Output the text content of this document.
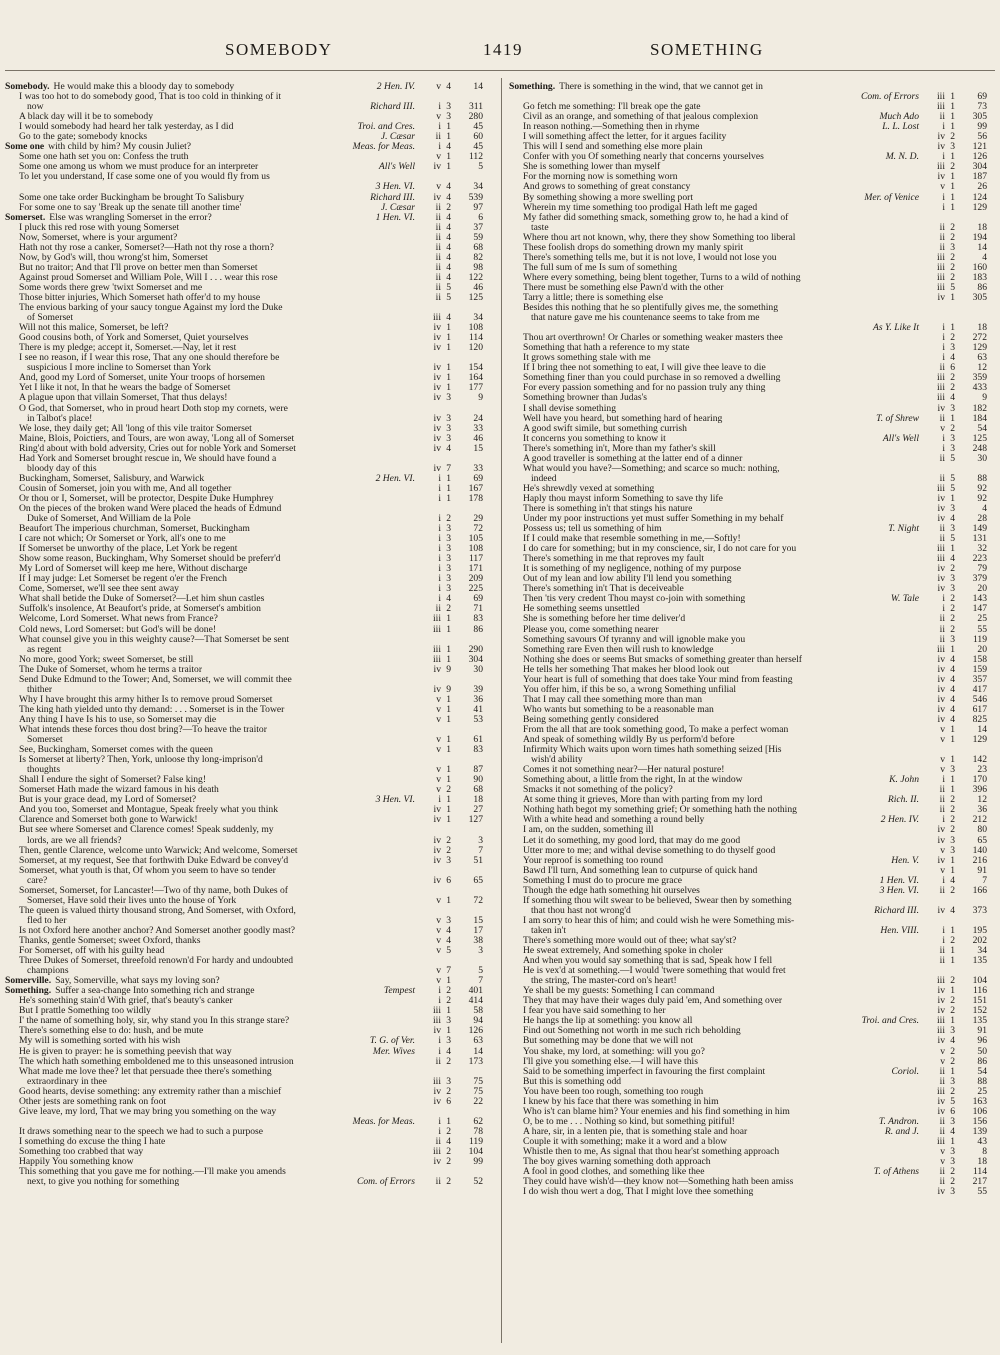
SOMEBODY	1419	SOMETHING
Somebody. He would make this a bloody day to somebody	2 Hen. IV. v 4 14
I was too hot to do somebody good, That is too cold in thinking of it
now	Richard III. i 3 311
A black day will it be to somebody	v 3 280
I would somebody had heard her talk yesterday, as I did	Troi. and Cres. i 1 45
Go to the gate; somebody knocks	J. Cæsar ii 1 60
Some one with child by him? My cousin Juliet?	Meas. for Meas. i 4 45
Some one hath set you on: Confess the truth	v 1 112
Some one among us whom we must produce for an interpreter	All's Well iv 1	5
To let you understand, If case some one of you would fly from us
3 Hen. VI. v 4 34
Some one take order Buckingham be brought To Salisbury	Richard III. iv 4 539
For some one to say 'Break up the senate till another time'	J. Cæsar ii 2 97
Somerset. Else was wrangling Somerset in the error?	1 Hen. VI. ii 4	6
I pluck this red rose with young Somerset	ii 4 37
Now, Somerset, where is your argument?	ii 4 59
Hath not thy rose a canker, Somerset?—Hath not thy rose a thorn?	ii 4 68
Now, by God's will, thou wrong'st him, Somerset	ii 4 82
But no traitor; And that I'll prove on better men than Somerset	ii 4 98
Against proud Somerset and William Pole, Will I . . . wear this rose	ii 4 122
Some words there grew 'twixt Somerset and me	ii 5 46
Those bitter injuries, Which Somerset hath offer'd to my house	ii 5 125
The envious barking of your saucy tongue Against my lord the Duke
of Somerset	iii 4 34
Will not this malice, Somerset, be left?	iv 1 108
Good cousins both, of York and Somerset, Quiet yourselves	iv 1 114
There is my pledge; accept it, Somerset.—Nay, let it rest	iv 1 120
I see no reason, if I wear this rose, That any one should therefore be
suspicious I more incline to Somerset than York	iv 1 154
And, good my Lord of Somerset, unite Your troops of horsemen	iv 1 164
Yet I like it not, In that he wears the badge of Somerset	iv 1 177
A plague upon that villain Somerset, That thus delays!	iv 3	9
O God, that Somerset, who in proud heart Doth stop my cornets, were
in Talbot's place!	iv 3 24
We lose, they daily get; All 'long of this vile traitor Somerset	iv 3 33
Maine, Blois, Poictiers, and Tours, are won away, 'Long all of Somerset	iv 3 46
Ring'd about with bold adversity, Cries out for noble York and Somerset	iv 4 15
Had York and Somerset brought rescue in, We should have found a
bloody day of this	iv 7 33
Buckingham, Somerset, Salisbury, and Warwick	2 Hen. VI. i 1 69
Cousin of Somerset, join you with me, And all together	i 1 167
Or thou or I, Somerset, will be protector, Despite Duke Humphrey	i 1 178
On the pieces of the broken wand Were placed the heads of Edmund
Duke of Somerset, And William de la Pole	i 2 29
Beaufort The imperious churchman, Somerset, Buckingham	i 3 72
I care not which; Or Somerset or York, all's one to me	i 3 105
If Somerset be unworthy of the place, Let York be regent	i 3 108
Show some reason, Buckingham, Why Somerset should be preferr'd	i 3 117
My Lord of Somerset will keep me here, Without discharge	i 3 171
If I may judge: Let Somerset be regent o'er the French	i 3 209
Come, Somerset, we'll see thee sent away	i 3 225
What shall betide the Duke of Somerset?—Let him shun castles	i 4 69
Suffolk's insolence, At Beaufort's pride, at Somerset's ambition	ii 2 71
Welcome, Lord Somerset. What news from France?	iii 1 83
Cold news, Lord Somerset: but God's will be done!	iii 1 86
What counsel give you in this weighty cause?—That Somerset be sent
as regent	iii 1 290
No more, good York; sweet Somerset, be still	iii 1 304
The Duke of Somerset, whom he terms a traitor	iv 9 30
Send Duke Edmund to the Tower; And, Somerset, we will commit thee
thither	iv 9 39
Why I have brought this army hither Is to remove proud Somerset	v 1 36
The king hath yielded unto thy demand: . . . Somerset is in the Tower	v 1 41
Any thing I have Is his to use, so Somerset may die	v 1 53
What intends these forces thou dost bring?—To heave the traitor
Somerset	v 1 61
See, Buckingham, Somerset comes with the queen	v 1 83
Is Somerset at liberty? Then, York, unloose thy long-imprison'd
thoughts	v 1 87
Shall I endure the sight of Somerset? False king!	v 1 90
Somerset Hath made the wizard famous in his death	v 2 68
But is your grace dead, my Lord of Somerset?	3 Hen. VI. i 1 18
And you too, Somerset and Montague, Speak freely what you think	iv 1 27
Clarence and Somerset both gone to Warwick!	iv 1 127
But see where Somerset and Clarence comes! Speak suddenly, my
lords, are we all friends?	iv 2	3
Then, gentle Clarence, welcome unto Warwick; And welcome, Somerset	iv 2	7
Somerset, at my request, See that forthwith Duke Edward be convey'd	iv 3 51
Somerset, what youth is that, Of whom you seem to have so tender
care?	iv 6 65
Somerset, Somerset, for Lancaster!—Two of thy name, both Dukes of
Somerset, Have sold their lives unto the house of York	v 1 72
The queen is valued thirty thousand strong, And Somerset, with Oxford,
fled to her	v 3 15
Is not Oxford here another anchor? And Somerset another goodly mast?	v 4 17
Thanks, gentle Somerset; sweet Oxford, thanks	v 4 38
For Somerset, off with his guilty head	v 5	3
Three Dukes of Somerset, threefold renown'd For hardy and undoubted
champions	v 7	5
Somerville. Say, Somerville, what says my loving son?	v 1	7
Something. Suffer a sea-change Into something rich and strange	Tempest i 2 401
He's something stain'd With grief, that's beauty's canker	i 2 414
But I prattle Something too wildly	iii 1 58
I' the name of something holy, sir, why stand you In this strange stare?	iii 3 94
There's something else to do: hush, and be mute	iv 1 126
My will is something sorted with his wish	T. G. of Ver. i 3 63
He is given to prayer: he is something peevish that way	Mer. Wives i 4 14
The which hath something emboldened me to this unseasoned intrusion	ii 2 173
What made me love thee? let that persuade thee there's something
extraordinary in thee	iii 3 75
Good hearts, devise something: any extremity rather than a mischief	iv 2 75
Other jests are something rank on foot	iv 6 22
Give leave, my lord, That we may bring you something on the way
Meas. for Meas. i 1 62
It draws something near to the speech we had to such a purpose	i 2 78
I something do excuse the thing I hate	ii 4 119
Something too crabbed that way	iii 2 104
Happily You something know	iv 2 99
This something that you gave me for nothing.—I'll make you amends
next, to give you nothing for something	Com. of Errors ii 2 52
Something. There is something in the wind, that we cannot get in
Com. of Errors iii 1 69
Go fetch me something: I'll break ope the gate	iii 1 73
Civil as an orange, and something of that jealous complexion	Much Ado ii 1 305
In reason nothing.—Something then in rhyme	L. L. Lost i 1 99
I will something affect the letter, for it argues facility	iv 2 56
This will I send and something else more plain	iv 3 121
Confer with you Of something nearly that concerns yourselves	M. N. D. i 1 126
She is something lower than myself	iii 2 304
For the morning now is something worn	iv 1 187
And grows to something of great constancy	v 1 26
By something showing a more swelling port	Mer. of Venice i 1 124
Wherein my time something too prodigal Hath left me gaged	i 1 129
My father did something smack, something grow to, he had a kind of
taste	ii 2 18
Where thou art not known, why, there they show Something too liberal	ii 2 194
These foolish drops do something drown my manly spirit	ii 3 14
There's something tells me, but it is not love, I would not lose you	iii 2	4
The full sum of me Is sum of something	iii 2 160
Where every something, being blent together, Turns to a wild of nothing	iii 2 183
There must be something else Pawn'd with the other	iii 5 86
Tarry a little; there is something else	iv 1 305
Besides this nothing that he so plentifully gives me, the something
that nature gave me his countenance seems to take from me
As Y. Like It i 1 18
Thou art overthrown! Or Charles or something weaker masters thee	i 2 272
Something that hath a reference to my state	i 3 129
It grows something stale with me	i 4 63
If I bring thee not something to eat, I will give thee leave to die	ii 6 12
Something finer than you could purchase in so removed a dwelling	iii 2 359
For every passion something and for no passion truly any thing	iii 2 433
Something browner than Judas's	iii 4	9
I shall devise something	iv 3 182
Well have you heard, but something hard of hearing	T. of Shrew ii 1 184
A good swift simile, but something currish	v 2 54
It concerns you something to know it	All's Well i 3 125
There's something in't, More than my father's skill	i 3 248
A good traveller is something at the latter end of a dinner	ii 5 30
What would you have?—Something; and scarce so much: nothing,
indeed	ii 5 88
He's shrewdly vexed at something	iii 5 92
Haply thou mayst inform Something to save thy life	iv 1 92
There is something in't that stings his nature	iv 3	4
Under my poor instructions yet must suffer Something in my behalf	iv 4 28
Possess us; tell us something of him	T. Night ii 3 149
If I could make that resemble something in me,—Softly!	ii 5 131
I do care for something; but in my conscience, sir, I do not care for you	iii 1 32
There's something in me that reproves my fault	iii 4 223
It is something of my negligence, nothing of my purpose	iv 2 79
Out of my lean and low ability I'll lend you something	iv 3 379
There's something in't That is deceiveable	iv 3 20
Then 'tis very credent Thou mayst co-join with something	W. Tale i 2 143
He something seems unsettled	i 2 147
She is something before her time deliver'd	ii 2 25
Please you, come something nearer	ii 2 55
Something savours Of tyranny and will ignoble make you	ii 3 119
Something rare Even then will rush to knowledge	iii 1 20
Nothing she does or seems But smacks of something greater than herself	iv 4 158
He tells her something That makes her blood look out	iv 4 159
Your heart is full of something that does take Your mind from feasting	iv 4 357
You offer him, if this be so, a wrong Something unfilial	iv 4 417
That I may call thee something more than man	iv 4 546
Who wants but something to be a reasonable man	iv 4 617
Being something gently considered	iv 4 825
From the all that are took something good, To make a perfect woman	v 1 14
And speak of something wildly By us perform'd before	v 1 129
Infirmity Which waits upon worn times hath something seized [His
wish'd ability	v 1 142
Comes it not something near?—Her natural posture!	v 3 23
Something about, a little from the right, In at the window	K. John i 1 170
Smacks it not something of the policy?	ii 1 396
At some thing it grieves, More than with parting from my lord	Rich. II. ii 2 12
Nothing hath begot my something grief; Or something hath the nothing	ii 2 36
With a white head and something a round belly	2 Hen. IV. i 2 212
I am, on the sudden, something ill	iv 2 80
Let it do something, my good lord, that may do me good	iv 3 65
Utter more to me; and withal devise something to do thyself good	v 3 140
Your reproof is something too round	Hen. V. iv 1 216
Bawd I'll turn, And something lean to cutpurse of quick hand	v 1 91
Something I must do to procure me grace	1 Hen. VI. i 4	7
Though the edge hath something hit ourselves	3 Hen. VI. ii 2 166
If something thou wilt swear to be believed, Swear then by something
that thou hast not wrong'd	Richard III. iv 4 373
I am sorry to hear this of him; and could wish he were Something mis-
taken in't	Hen. VIII. i 1 195
There's something more would out of thee; what say'st?	i 2 202
He sweat extremely, And something spoke in choler	ii 1 34
And when you would say something that is sad, Speak how I fell	ii 1 135
He is vex'd at something.—I would 'twere something that would fret
the string, The master-cord on's heart!	iii 2 104
Ye shall be my guests: Something I can command	iv 1 116
They that may have their wages duly paid 'em, And something over	iv 2 151
I fear you have said something to her	iv 2 152
He hangs the lip at something: you know all	Troi. and Cres. iii 1 135
Find out Something not worth in me such rich beholding	iii 3 91
But something may be done that we will not	iv 4 96
You shake, my lord, at something: will you go?	v 2 50
I'll give you something else.—I will have this	v 2 86
Said to be something imperfect in favouring the first complaint	Coriol. ii 1 54
But this is something odd	ii 3 88
You have been too rough, something too rough	iii 2 25
I knew by his face that there was something in him	iv 5 163
Who is't can blame him? Your enemies and his find something in him	iv 6 106
O, be to me . . . Nothing so kind, but something pitiful!	T. Andron. ii 3 156
A hare, sir, in a lenten pie, that is something stale and hoar	R. and J. ii 4 139
Couple it with something; make it a word and a blow	iii 1 43
Whistle then to me, As signal that thou hear'st something approach	v 3	8
The boy gives warning something doth approach	v 3 18
A fool in good clothes, and something like thee	T. of Athens ii 2 114
They could have wish'd—they know not—Something hath been amiss	ii 2 217
I do wish thou wert a dog, That I might love thee something	iv 3 55
